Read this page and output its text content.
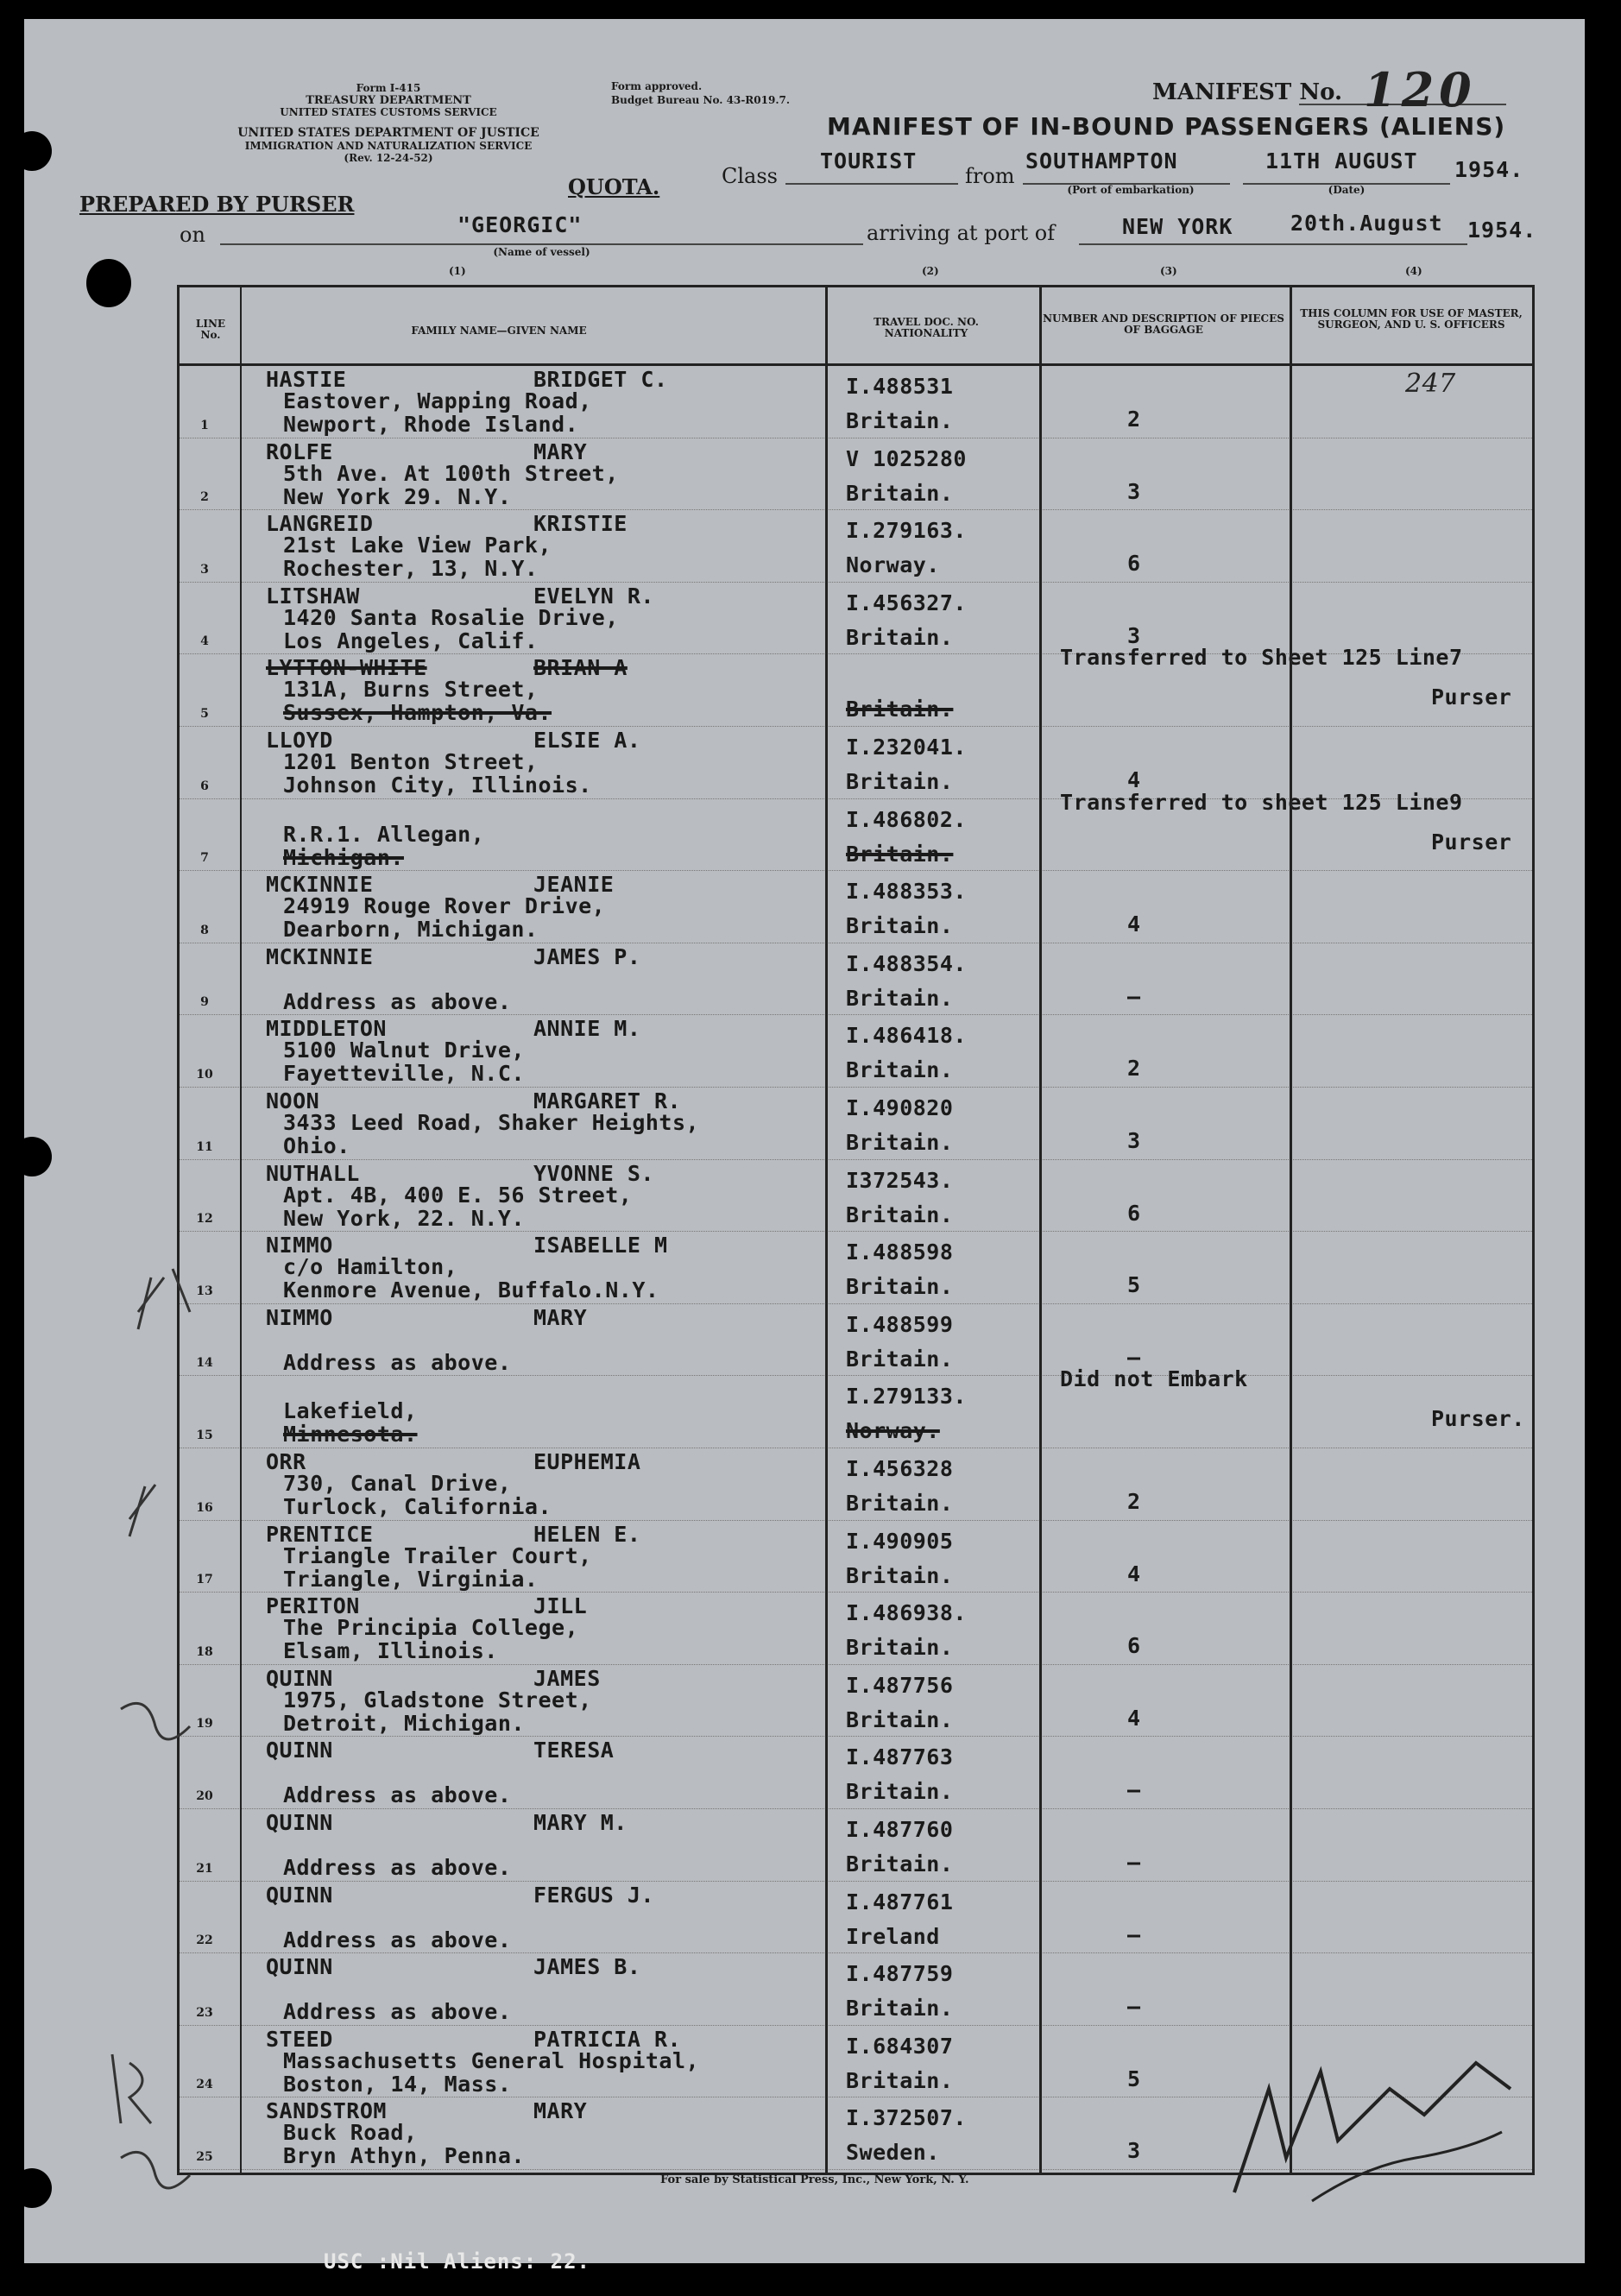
Form I-415
TREASURY DEPARTMENT
UNITED STATES CUSTOMS SERVICE
UNITED STATES DEPARTMENT OF JUSTICE
IMMIGRATION AND NATURALIZATION SERVICE
(Rev. 12-24-52)
Form approved.
Budget Bureau No. 43-R019.7.	MANIFEST No. 120
MANIFEST OF IN-BOUND PASSENGERS (ALIENS)
PREPARED BY PURSER
QUOTA.	Class
TOURIST
from
SOUTHAMPTON
(Port of embarkation)
11TH AUGUST 1954.
(Date)
on	"GEORGIC"
(Name of vessel)
arriving at port of	NEW YORK	20th.August 1954.
(1)	(2)	(3)	(4)
LINE No.	FAMILY NAME—GIVEN NAME
TRAVEL DOC. NO. NATIONALITY
NUMBER AND DESCRIPTION OF PIECES OF BAGGAGE
THIS COLUMN FOR USE OF MASTER, SURGEON, AND U. S. OFFICERS
1
HASTIE	BRIDGET C.
Eastover, Wapping Road,
Newport, Rhode Island.
I.488531
Britain.	2
247
2
ROLFE	MARY
5th Ave. At 100th Street,
New York 29. N.Y.
V 1025280
Britain.	3
3
LANGREID	KRISTIE
21st Lake View Park,
Rochester, 13, N.Y.
I.279163.
Norway.	6
4
LITSHAW	EVELYN R.
1420 Santa Rosalie Drive,
Los Angeles, Calif.
I.456327.
Britain.	3
5
LYTTON-WHITE	BRIAN A
131A, Burns Street,
Sussex, Hampton, Va.	Britain.
Transferred to Sheet 125 Line7
Purser
6
LLOYD	ELSIE A.
1201 Benton Street,
Johnson City, Illinois.
I.232041.
Britain.	4
7
R.R.1. Allegan,
Michigan.
I.486802.
Britain.
Transferred to sheet 125 Line9
Purser
8
MCKINNIE	JEANIE
24919 Rouge Rover Drive,
Dearborn, Michigan.
I.488353.
Britain.	4
9
MCKINNIE	JAMES P.
Address as above.
I.488354.
Britain.	–
10
MIDDLETON	ANNIE M.
5100 Walnut Drive,
Fayetteville, N.C.
I.486418.
Britain.	2
11
NOON	MARGARET R.
3433 Leed Road, Shaker Heights,
Ohio.
I.490820
Britain.	3
12
NUTHALL	YVONNE S.
Apt. 4B, 400 E. 56 Street,
New York, 22. N.Y.
I372543.
Britain.	6
13
NIMMO	ISABELLE M
c/o Hamilton,
Kenmore Avenue, Buffalo.N.Y.
I.488598
Britain.	5
14
NIMMO	MARY
Address as above.
I.488599
Britain.	–
15
Lakefield,
Minnesota.
I.279133.
Norway.
Did not Embark
Purser.
16
ORR	EUPHEMIA
730, Canal Drive,
Turlock, California.
I.456328
Britain.	2
17
PRENTICE	HELEN E.
Triangle Trailer Court,
Triangle, Virginia.
I.490905
Britain.	4
18
PERITON	JILL
The Principia College,
Elsam, Illinois.
I.486938.
Britain.	6
19
QUINN	JAMES
1975, Gladstone Street,
Detroit, Michigan.
I.487756
Britain.	4
20
QUINN	TERESA
Address as above.
I.487763
Britain.	–
21
QUINN	MARY M.
Address as above.
I.487760
Britain.	–
22
QUINN	FERGUS J.
Address as above.
I.487761
Ireland	–
23
QUINN	JAMES B.
Address as above.
I.487759
Britain.	–
24
STEED	PATRICIA R.
Massachusetts General Hospital,
Boston, 14, Mass.
I.684307
Britain.	5
25
SANDSTROM	MARY
Buck Road,
Bryn Athyn, Penna.
I.372507.
Sweden.	3
USC :Nil Aliens: 22.
For sale by Statistical Press, Inc., New York, N. Y.
